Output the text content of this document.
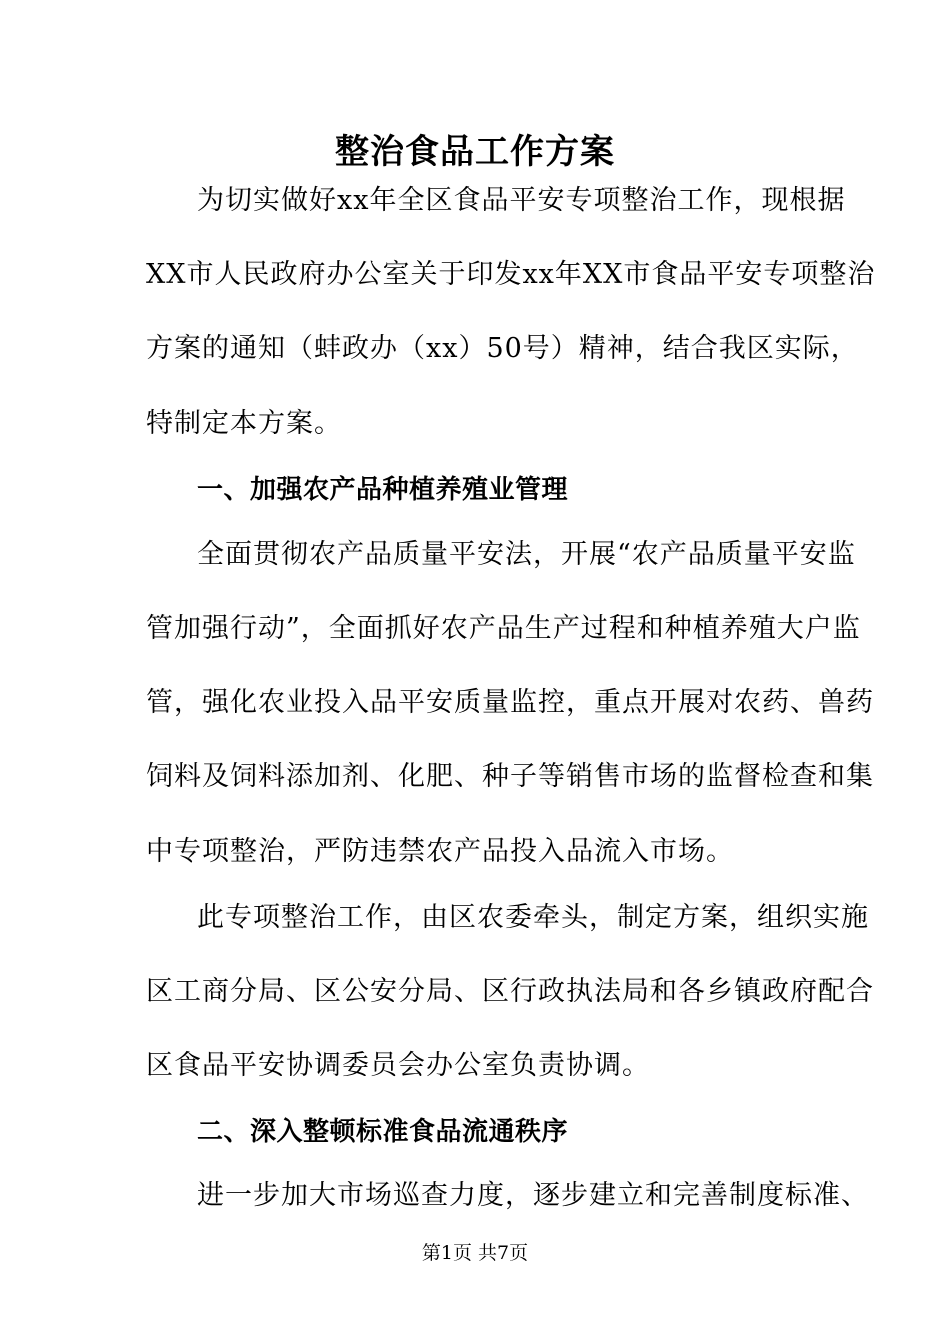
整治食品工作方案
为切实做好xx年全区食品平安专项整治工作，现根据
XX市人民政府办公室关于印发xx年XX市食品平安专项整治
方案的通知（蚌政办（xx）50号）精神，结合我区实际，
特制定本方案。
一、加强农产品种植养殖业管理
全面贯彻农产品质量平安法，开展“农产品质量平安监
管加强行动”，全面抓好农产品生产过程和种植养殖大户监
管，强化农业投入品平安质量监控，重点开展对农药、兽药
饲料及饲料添加剂、化肥、种子等销售市场的监督检查和集
中专项整治，严防违禁农产品投入品流入市场。
此专项整治工作，由区农委牵头，制定方案，组织实施
区工商分局、区公安分局、区行政执法局和各乡镇政府配合
区食品平安协调委员会办公室负责协调。
二、深入整顿标准食品流通秩序
进一步加大市场巡查力度，逐步建立和完善制度标准、
第1页 共7页
